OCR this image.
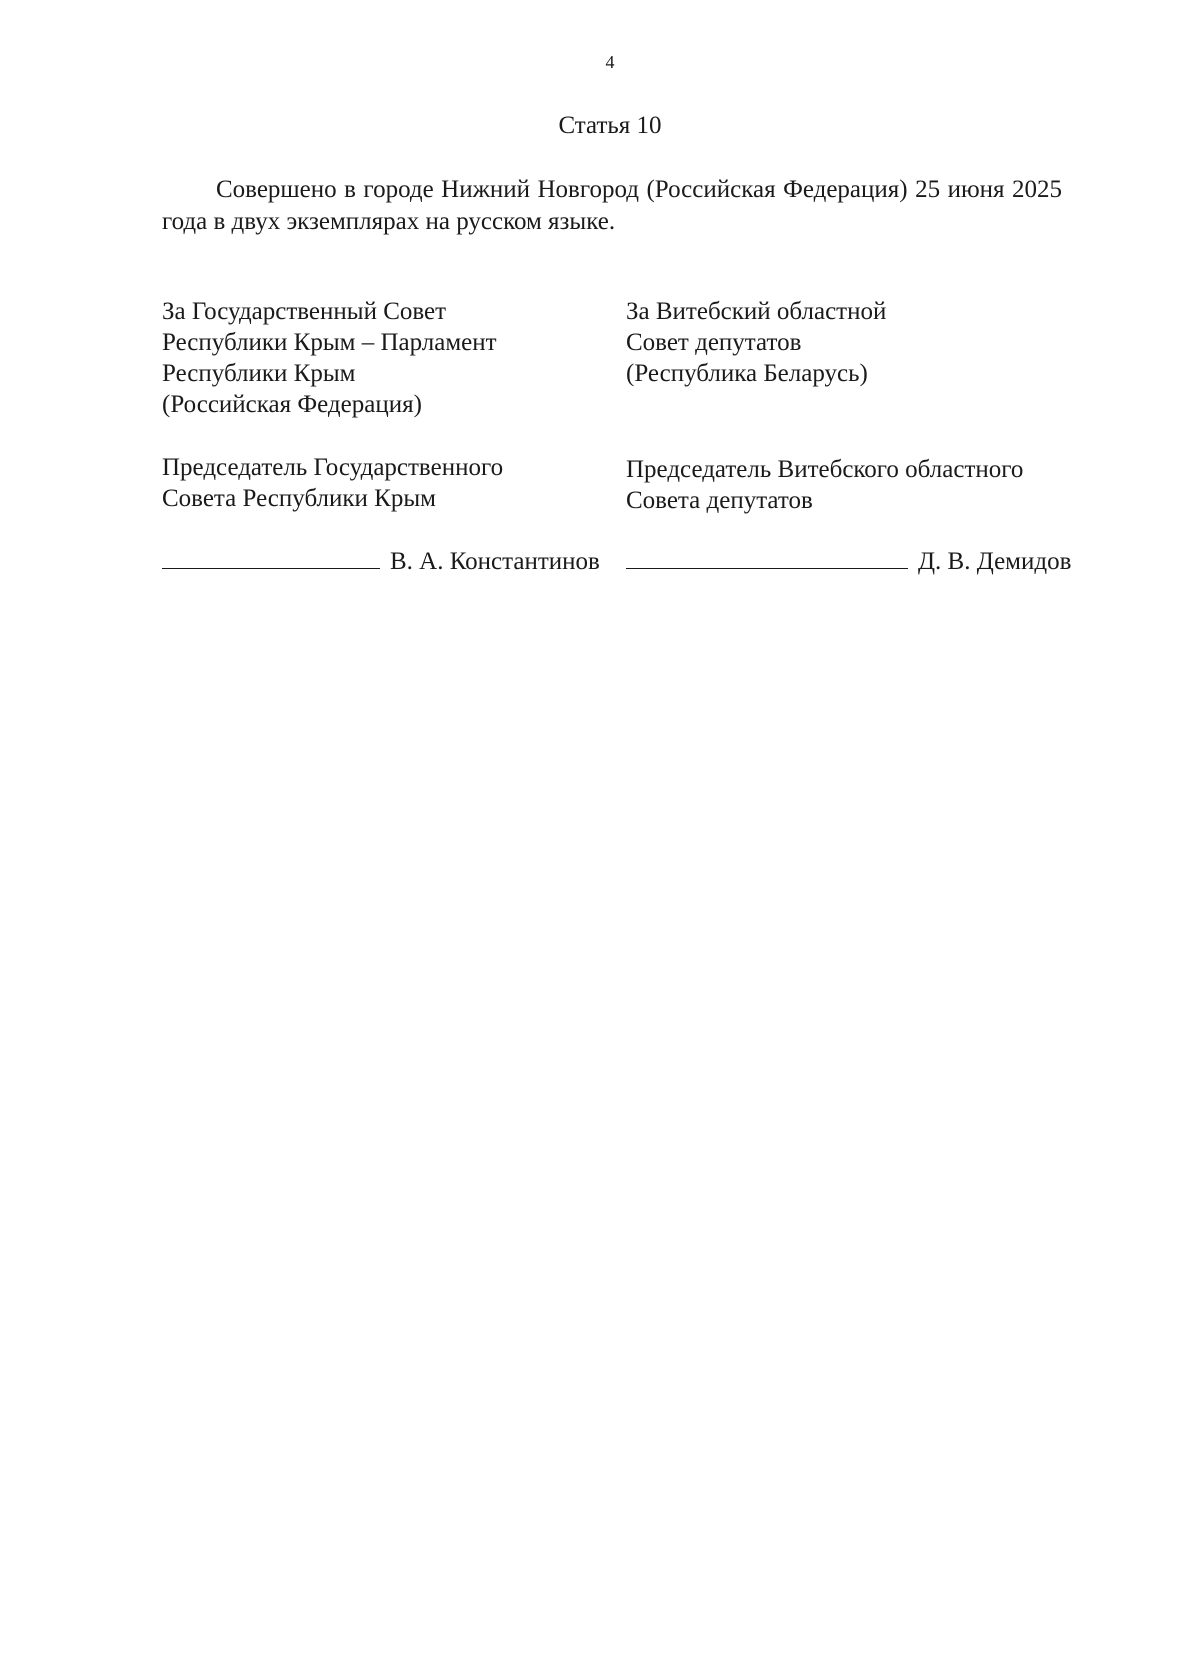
4
Статья 10
Совершено в городе Нижний Новгород (Российская Федерация) 25 июня 2025 года в двух экземплярах на русском языке.
За Государственный Совет
Республики Крым – Парламент
Республики Крым
(Российская Федерация)
За Витебский областной
Совет депутатов
(Республика Беларусь)
Председатель Государственного
Совета Республики Крым
Председатель Витебского областного
Совета депутатов
В. А. Константинов	Д. В. Демидов
